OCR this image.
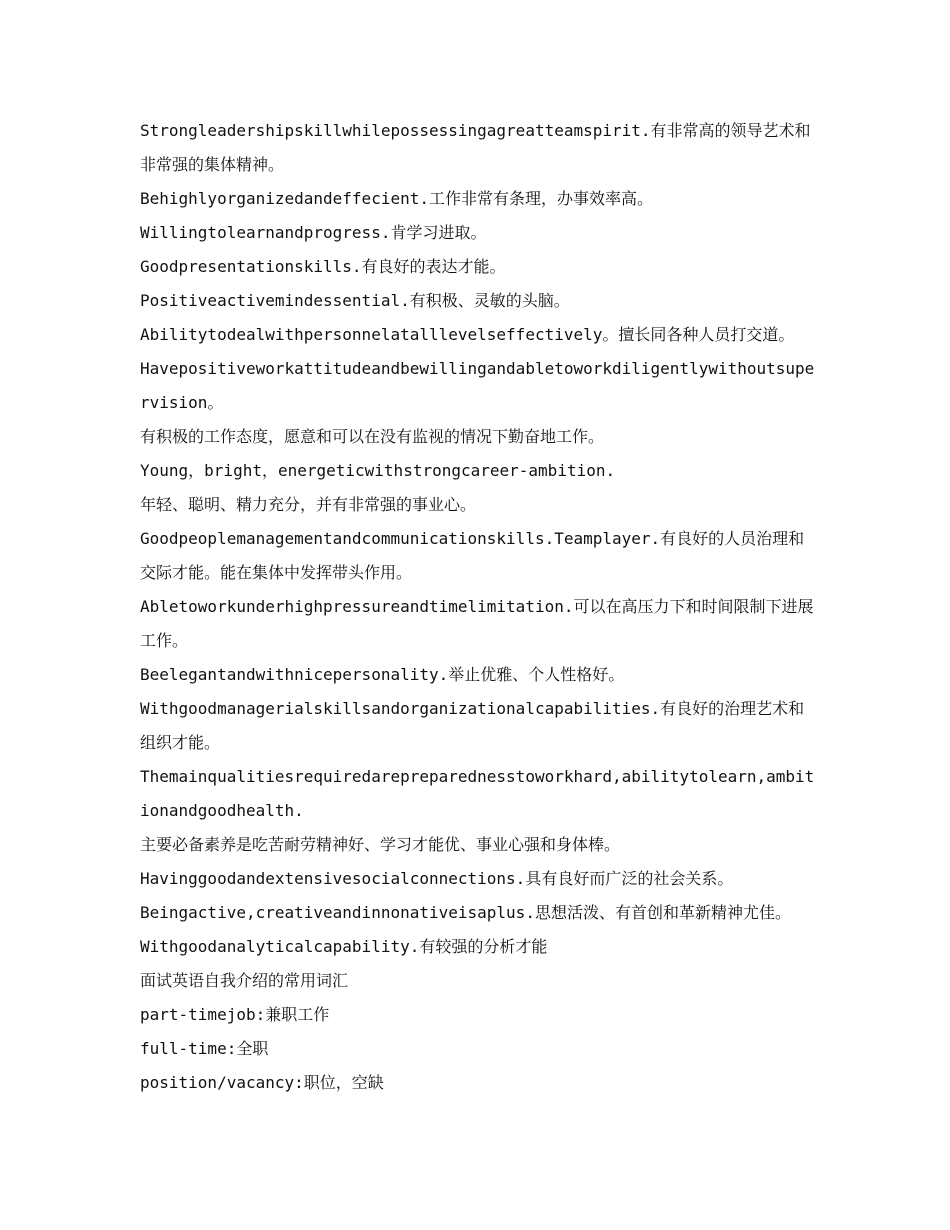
Strongleadershipskillwhilepossessingagreatteamspirit.有非常高的领导艺术和非常强的集体精神。

Behighlyorganizedandeffecient.工作非常有条理，办事效率高。

Willingtolearnandprogress.肯学习进取。

Goodpresentationskills.有良好的表达才能。

Positiveactivemindessential.有积极、灵敏的头脑。

Abilitytodealwithpersonnelatalllevelseffectively。擅长同各种人员打交道。

Havepositiveworkattitudeandbewillingandabletoworkdiligentlywithoutsupervision。

有积极的工作态度，愿意和可以在没有监视的情况下勤奋地工作。

Young，bright，energeticwithstrongcareer-ambition.

年轻、聪明、精力充分，并有非常强的事业心。

Goodpeoplemanagementandcommunicationskills.Teamplayer.有良好的人员治理和交际才能。能在集体中发挥带头作用。

Abletoworkunderhighpressureandtimelimitation.可以在高压力下和时间限制下进展工作。

Beelegantandwithnicepersonality.举止优雅、个人性格好。

Withgoodmanagerialskillsandorganizationalcapabilities.有良好的治理艺术和组织才能。

Themainqualitiesrequiredarepreparednesstoworkhard,abilitytolearn,ambitionandgoodhealth.

主要必备素养是吃苦耐劳精神好、学习才能优、事业心强和身体棒。

Havinggoodandextensivesocialconnections.具有良好而广泛的社会关系。

Beingactive,creativeandinnonativeisaplus.思想活泼、有首创和革新精神尤佳。

Withgoodanalyticalcapability.有较强的分析才能

面试英语自我介绍的常用词汇

part-timejob:兼职工作

full-time:全职

position/vacancy:职位，空缺
